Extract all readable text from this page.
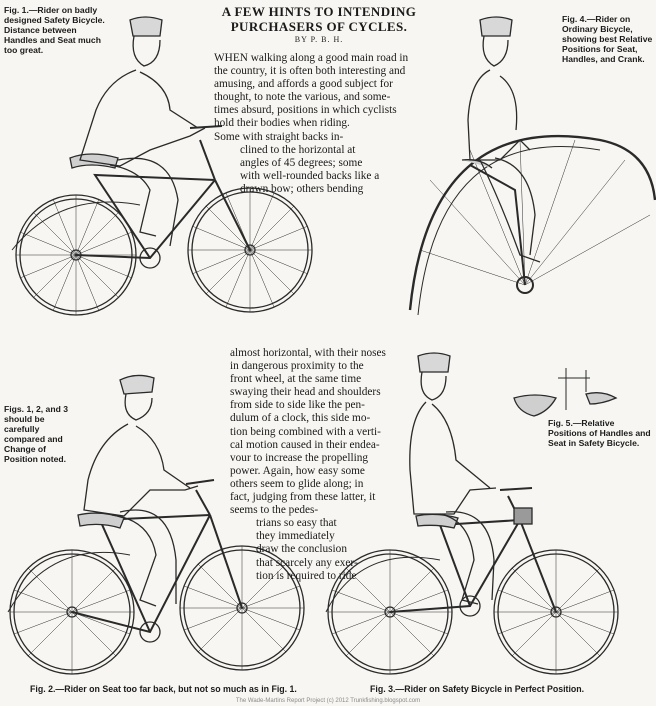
A FEW HINTS TO INTENDING PURCHASERS OF CYCLES.
BY P. B. H.
WHEN walking along a good main road in
the country, it is often both interesting and
amusing, and affords a good subject for
thought, to note the various, and some-
times absurd, positions in which cyclists
hold their bodies when riding.
Some with straight backs in-
clined to the horizontal at
angles of 45 degrees; some
with well-rounded backs like a
drawn bow; others bending
almost horizontal, with their noses
in dangerous proximity to the
front wheel, at the same time
swaying their head and shoulders
from side to side like the pen-
dulum of a clock, this side mo-
tion being combined with a verti-
cal motion caused in their endea-
vour to increase the propelling
power. Again, how easy some
others seem to glide along; in
fact, judging from these latter, it
seems to the pedes-
trians so easy that
they immediately
draw the conclusion
that scarcely any exer-
tion is required to ride
Fig. 1.—Rider on badly designed Safety Bicycle. Distance between Handles and Seat much too great.
Fig. 4.—Rider on Ordinary Bicycle, showing best Relative Positions for Seat, Handles, and Crank.
Figs. 1, 2, and 3 should be carefully compared and Change of Position noted.
Fig. 5.—Relative Positions of Handles and Seat in Safety Bicycle.
Fig. 2.—Rider on Seat too far back, but not so much as in Fig. 1.	Fig. 3.—Rider on Safety Bicycle in Perfect Position.
The Wade-Martins Report Project (c) 2012 Trunkfishing.blogspot.com
